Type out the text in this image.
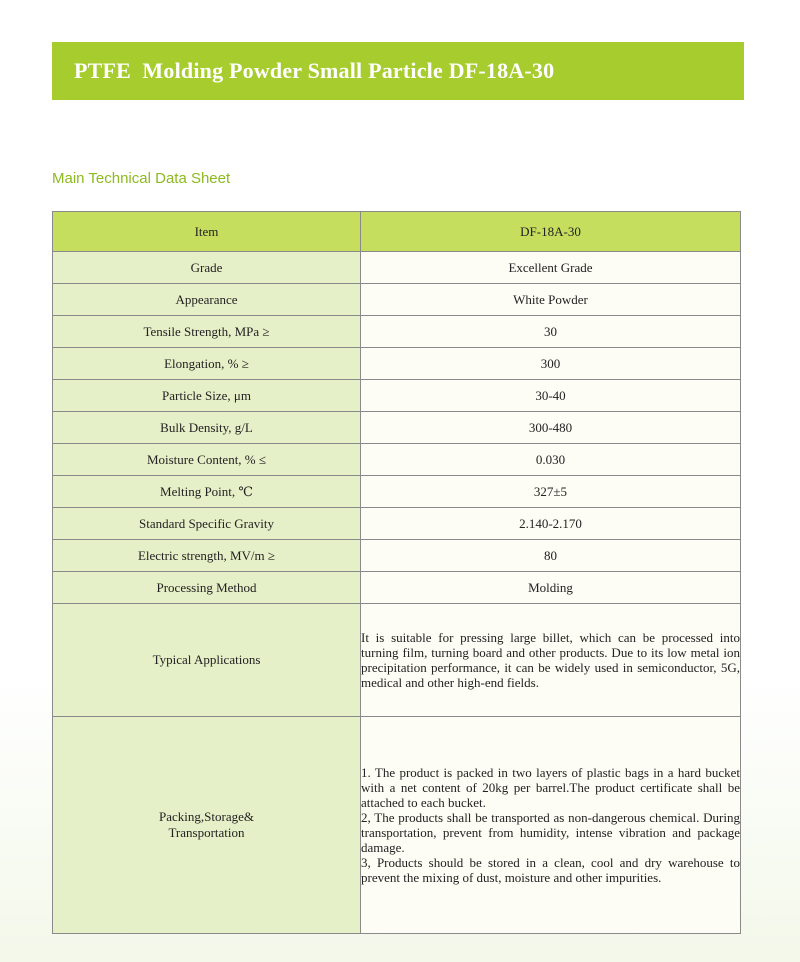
PTFE  Molding Powder Small Particle DF-18A-30
Main Technical Data Sheet
Item	DF-18A-30
Grade	Excellent Grade
Appearance	White Powder
Tensile Strength, MPa ≥	30
Elongation, % ≥	300
Particle Size, μm	30-40
Bulk Density, g/L	300-480
Moisture Content, % ≤	0.030
Melting Point, ℃	327±5
Standard Specific Gravity	2.140-2.170
Electric strength, MV/m ≥	80
Processing Method	Molding
Typical Applications	It is suitable for pressing large billet, which can be processed into turning film, turning board and other products. Due to its low metal ion precipitation performance, it can be widely used in semiconductor, 5G, medical and other high-end fields.

Packing,Storage&
Transportation	1. The product is packed in two layers of plastic bags in a hard bucket with a net content of 20kg per barrel.The product certificate shall be attached to each bucket.
2, The products shall be transported as non-dangerous chemical. During transportation, prevent from humidity, intense vibration and package damage.
3, Products should be stored in a clean, cool and dry warehouse to prevent the mixing of dust, moisture and other impurities.
